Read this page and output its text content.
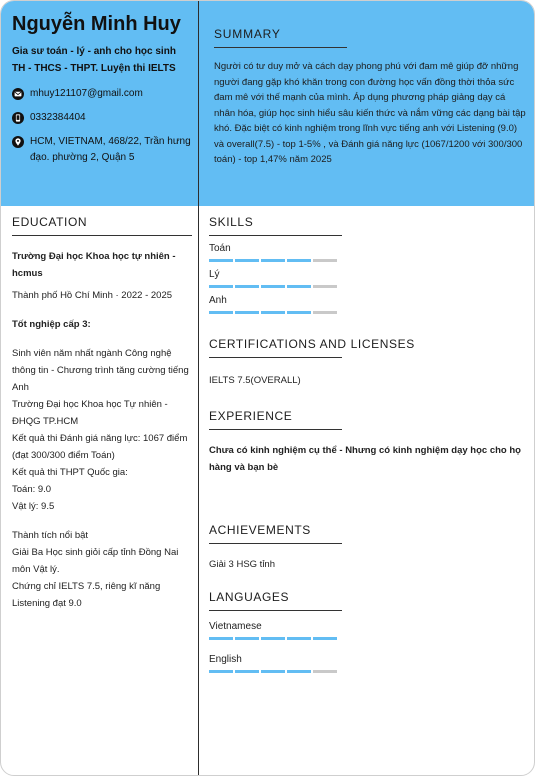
Nguyễn Minh Huy
Gia sư toán - lý - anh cho học sinh TH - THCS - THPT. Luyện thi IELTS
mhuy121107@gmail.com
0332384404
HCM, VIETNAM, 468/22, Trần hưng đạo. phường 2, Quận 5
SUMMARY
Người có tư duy mở và cách dạy phong phú với đam mê giúp đỡ những người đang gặp khó khăn trong con đường học vấn đồng thời thỏa sức đam mê với thế mạnh của mình. Áp dụng phương pháp giảng dạy cá nhân hóa, giúp học sinh hiểu sâu kiến thức và nắm vững các dạng bài tập khó. Đặc biệt có kinh nghiệm trong lĩnh vực tiếng anh với Listening (9.0) và overall(7.5) - top 1-5% , và Đánh giá năng lực (1067/1200 với 300/300 toán) - top 1,47% năm 2025
EDUCATION
Trường Đại học Khoa học tự nhiên - hcmus
Thành phố Hồ Chí Minh · 2022 - 2025
Tốt nghiệp cấp 3:
Sinh viên năm nhất ngành Công nghệ thông tin - Chương trình tăng cường tiếng Anh
Trường Đại học Khoa học Tự nhiên - ĐHQG TP.HCM
Kết quả thi Đánh giá năng lực: 1067 điểm (đạt 300/300 điểm Toán)
Kết quả thi THPT Quốc gia:
Toán: 9.0
Vật lý: 9.5
Thành tích nổi bật
Giải Ba Học sinh giỏi cấp tỉnh Đồng Nai môn Vật lý.
Chứng chỉ IELTS 7.5, riêng kĩ năng Listening đạt 9.0
SKILLS
Toán
Lý
Anh
CERTIFICATIONS AND LICENSES
IELTS 7.5(OVERALL)
EXPERIENCE
Chưa có kinh nghiệm cụ thể - Nhưng có kinh nghiệm dạy học cho họ hàng và bạn bè
ACHIEVEMENTS
Giải 3 HSG tỉnh
LANGUAGES
Vietnamese
English
